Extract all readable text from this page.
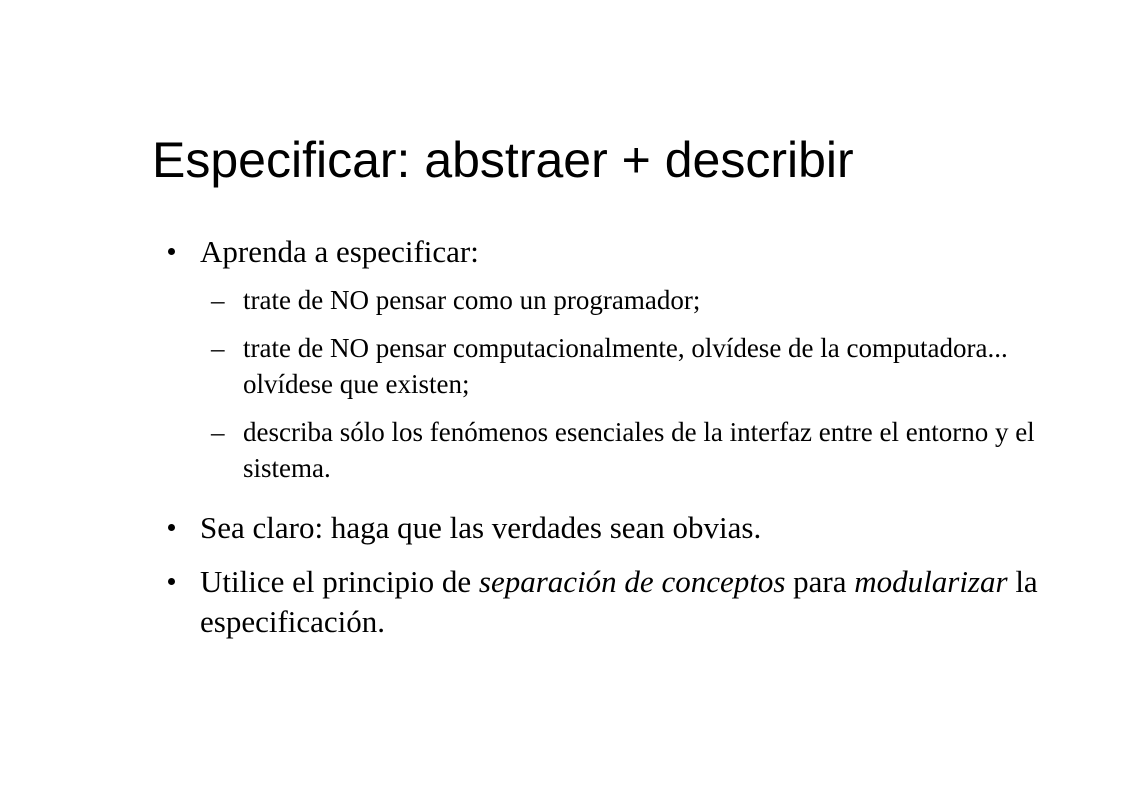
Especificar: abstraer + describir
Aprenda a especificar:
– trate de NO pensar como un programador;
– trate de NO pensar computacionalmente, olvídese de la computadora... olvídese que existen;
– describa sólo los fenómenos esenciales de la interfaz entre el entorno y el sistema.
Sea claro: haga que las verdades sean obvias.
Utilice el principio de separación de conceptos para modularizar la especificación.
